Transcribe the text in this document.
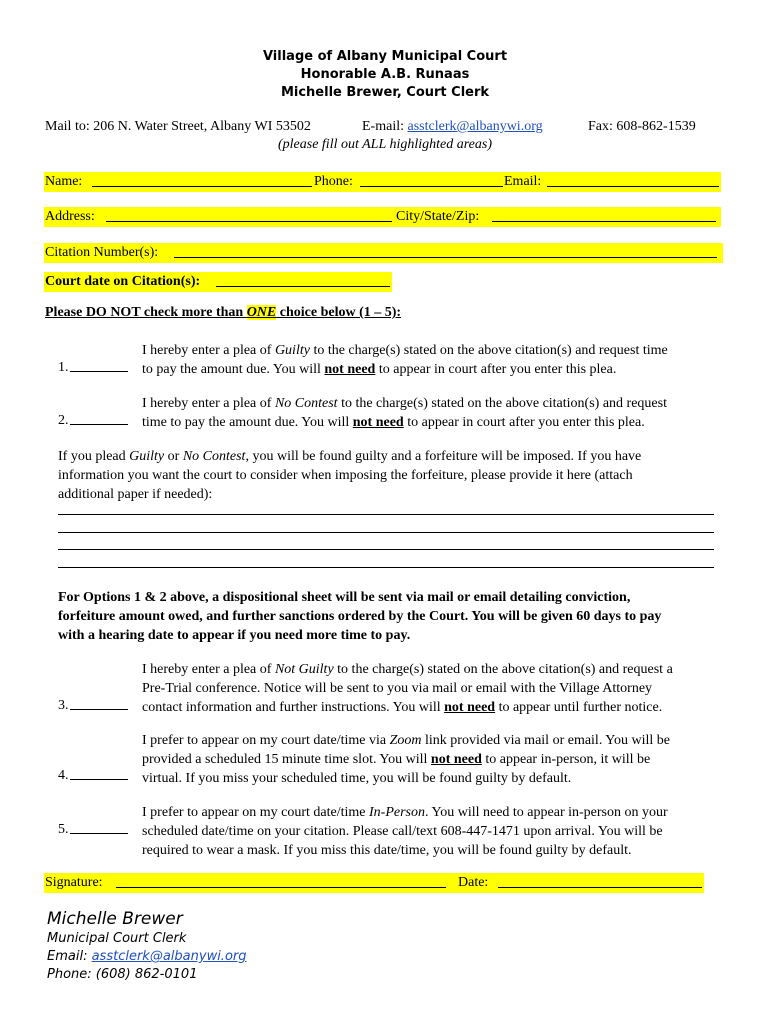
Village of Albany Municipal Court
Honorable A.B. Runaas
Michelle Brewer, Court Clerk
Mail to: 206 N. Water Street, Albany WI 53502	E-mail: asstclerk@albanywi.org	Fax: 608-862-1539
(please fill out ALL highlighted areas)
Name:	Phone:	Email:
Address:	City/State/Zip:
Citation Number(s):
Court date on Citation(s):
Please DO NOT check more than ONE choice below (1 – 5):
I hereby enter a plea of Guilty to the charge(s) stated on the above citation(s) and request time
to pay the amount due. You will not need to appear in court after you enter this plea.
1.
I hereby enter a plea of No Contest to the charge(s) stated on the above citation(s) and request
time to pay the amount due. You will not need to appear in court after you enter this plea.
2.
If you plead Guilty or No Contest, you will be found guilty and a forfeiture will be imposed. If you have
information you want the court to consider when imposing the forfeiture, please provide it here (attach
additional paper if needed):
For Options 1 & 2 above, a dispositional sheet will be sent via mail or email detailing conviction,
forfeiture amount owed, and further sanctions ordered by the Court. You will be given 60 days to pay
with a hearing date to appear if you need more time to pay.
I hereby enter a plea of Not Guilty to the charge(s) stated on the above citation(s) and request a
Pre-Trial conference. Notice will be sent to you via mail or email with the Village Attorney
contact information and further instructions. You will not need to appear until further notice.
3.
I prefer to appear on my court date/time via Zoom link provided via mail or email. You will be
provided a scheduled 15 minute time slot. You will not need to appear in-person, it will be
virtual. If you miss your scheduled time, you will be found guilty by default.
4.
I prefer to appear on my court date/time In-Person. You will need to appear in-person on your
scheduled date/time on your citation. Please call/text 608-447-1471 upon arrival. You will be
required to wear a mask. If you miss this date/time, you will be found guilty by default.
5.
Signature:	Date:
Michelle Brewer
Municipal Court Clerk
Email: asstclerk@albanywi.org
Phone: (608) 862-0101
